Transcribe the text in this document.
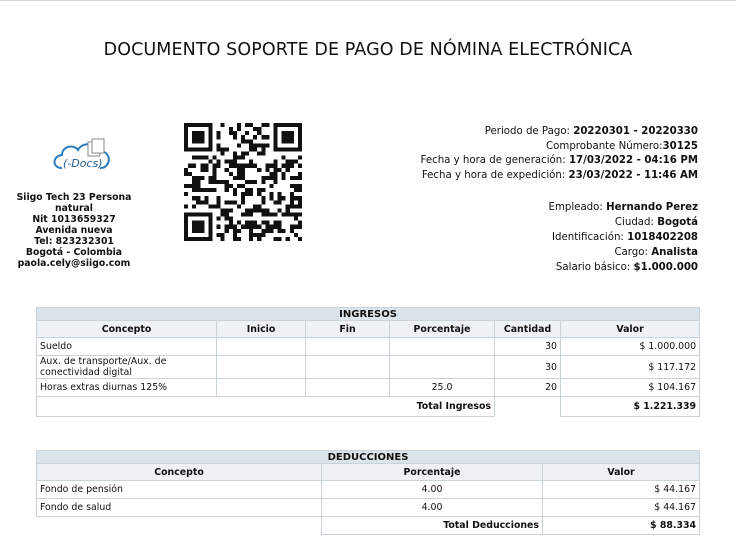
DOCUMENTO SOPORTE DE PAGO DE NÓMINA ELECTRÓNICA
(-Docs)
Siigo Tech 23 Persona natural
Nit 1013659327
Avenida nueva
Tel: 823232301
Bogotá - Colombia
paola.cely@siigo.com
Periodo de Pago: 20220301 - 20220330
Comprobante Número:30125
Fecha y hora de generación: 17/03/2022 - 04:16 PM
Fecha y hora de expedición: 23/03/2022 - 11:46 AM
Empleado: Hernando Perez
Ciudad: Bogotá
Identificación: 1018402208
Cargo: Analista
Salario básico: $1.000.000
INGRESOS					
Concepto	Inicio	Fin	Porcentaje	Cantidad	Valor
Sueldo				30	$ 1.000.000
Aux. de transporte/Aux. de conectividad digital				30	$ 117.172
Horas extras diurnas 125%			25.0	20	$ 104.167
Total Ingresos					$ 1.221.339
DEDUCCIONES		
Concepto	Porcentaje	Valor
Fondo de pensión	4.00	$ 44.167
Fondo de salud	4.00	$ 44.167
	Total Deducciones	$ 88.334
